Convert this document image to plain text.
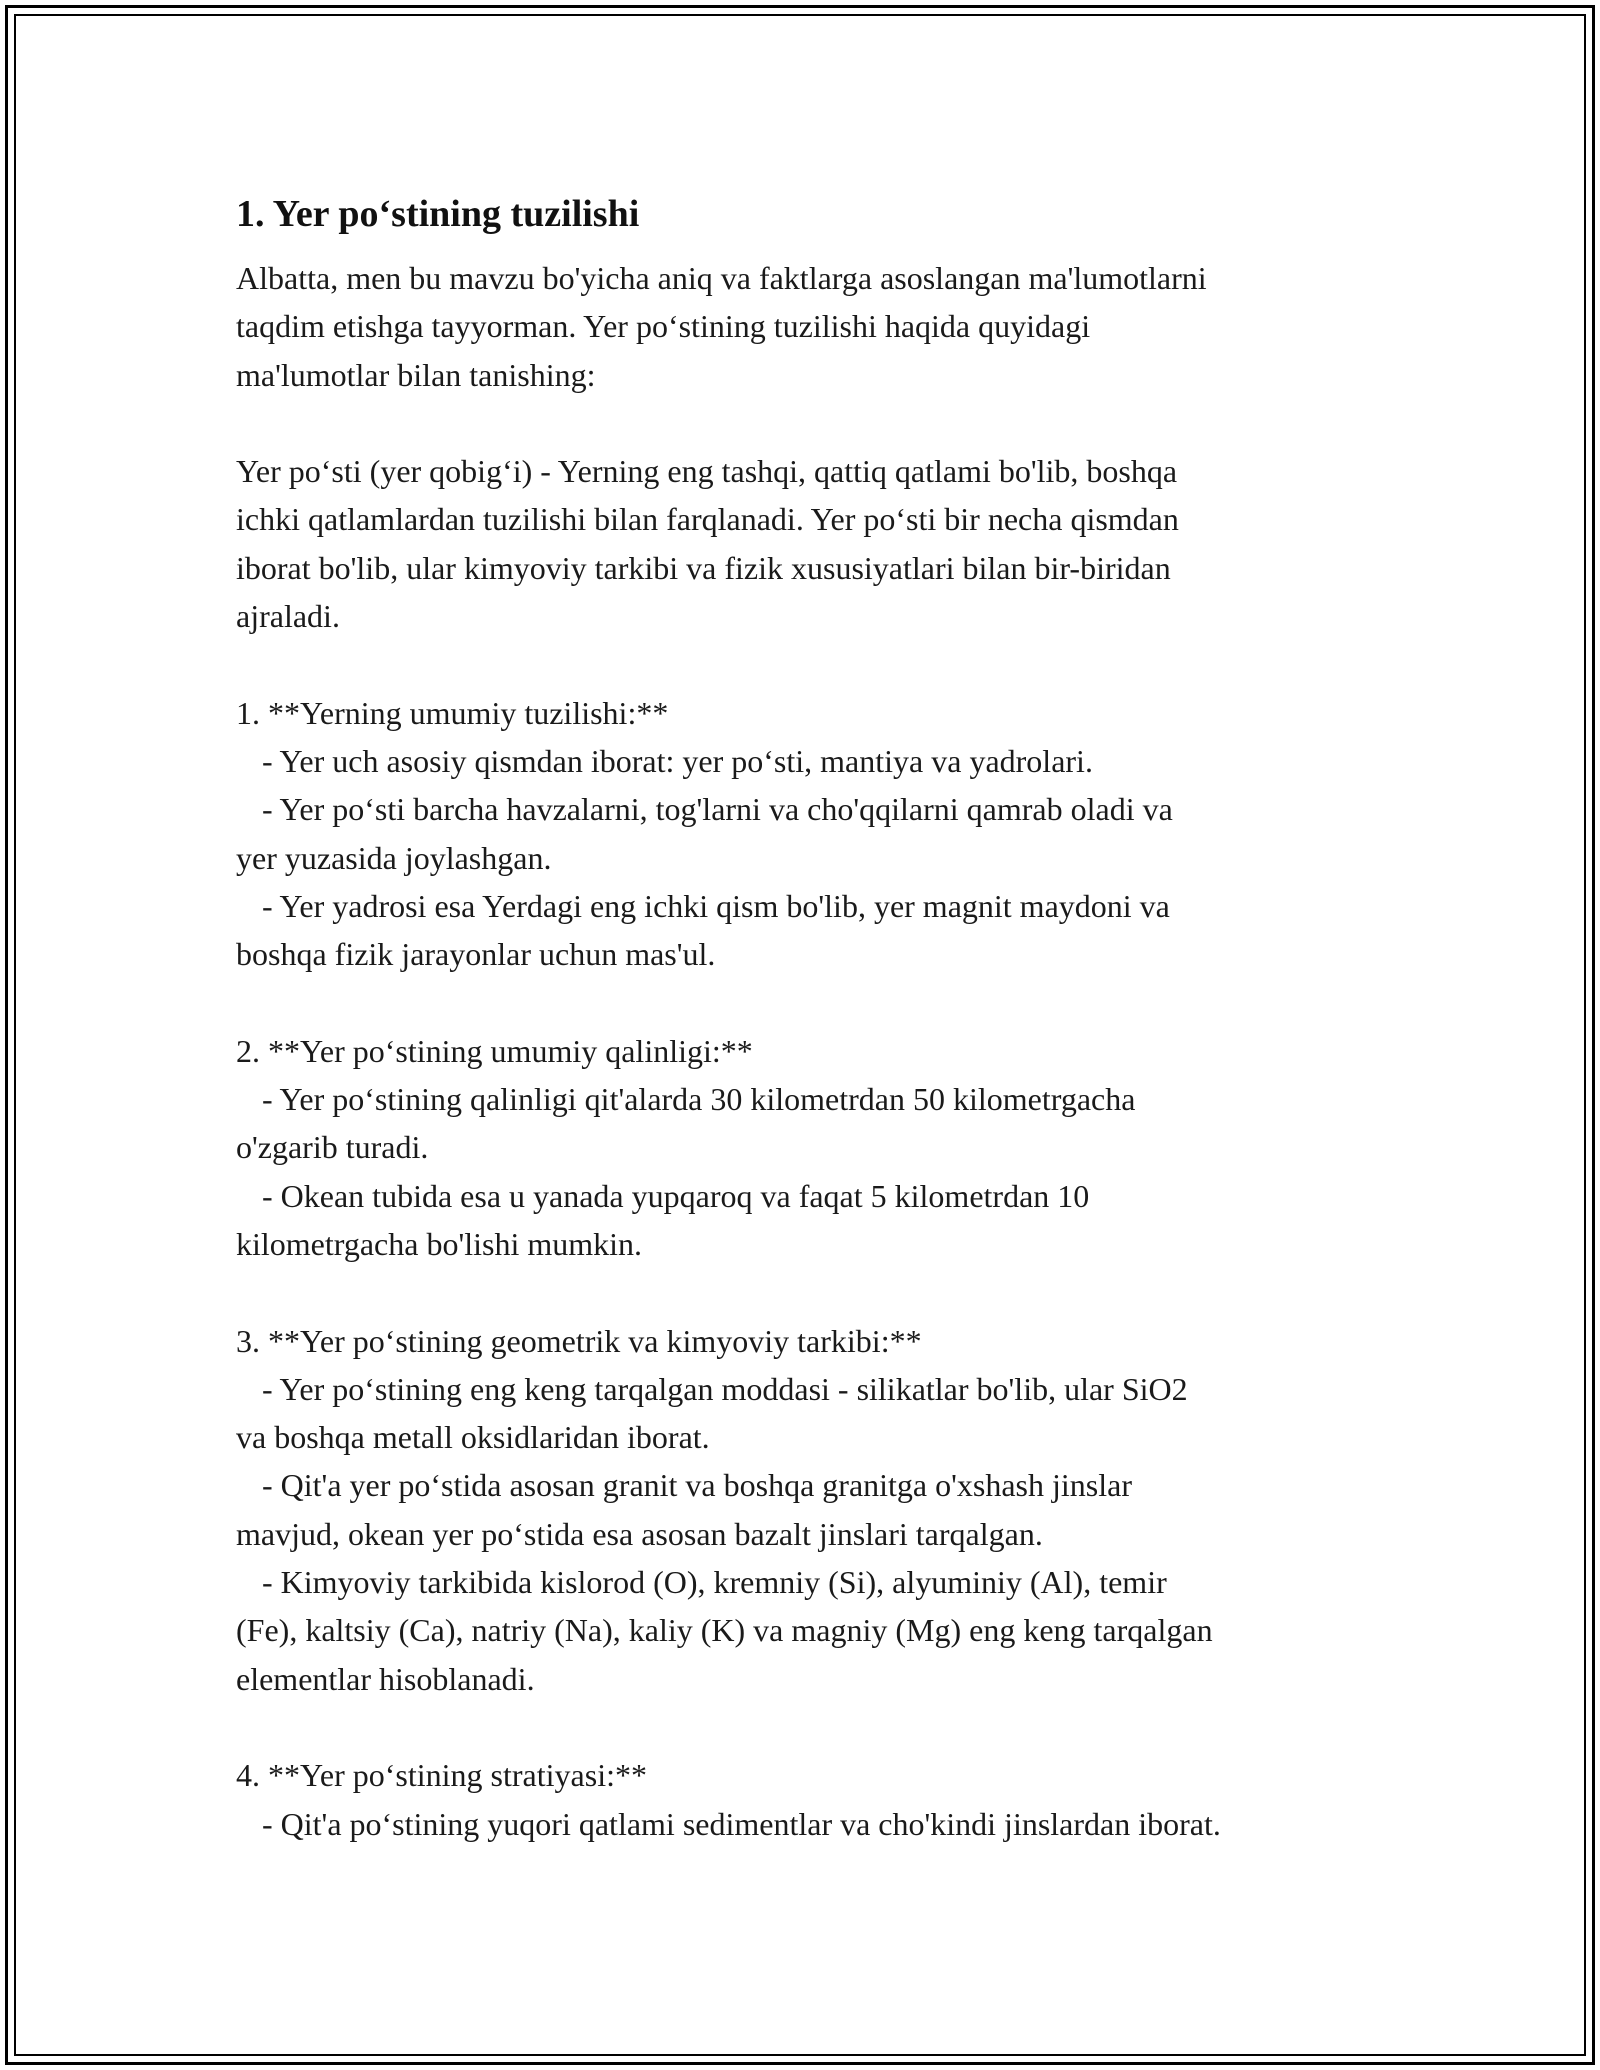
1. Yer po‘stining tuzilishi

Albatta, men bu mavzu bo'yicha aniq va faktlarga asoslangan ma'lumotlarni

taqdim etishga tayyorman. Yer po‘stining tuzilishi haqida quyidagi

ma'lumotlar bilan tanishing:

Yer po‘sti (yer qobig‘i) - Yerning eng tashqi, qattiq qatlami bo'lib, boshqa

ichki qatlamlardan tuzilishi bilan farqlanadi. Yer po‘sti bir necha qismdan

iborat bo'lib, ular kimyoviy tarkibi va fizik xususiyatlari bilan bir-biridan

ajraladi.

1. **Yerning umumiy tuzilishi:**

- Yer uch asosiy qismdan iborat: yer po‘sti, mantiya va yadrolari.

- Yer po‘sti barcha havzalarni, tog'larni va cho'qqilarni qamrab oladi va

yer yuzasida joylashgan.

- Yer yadrosi esa Yerdagi eng ichki qism bo'lib, yer magnit maydoni va

boshqa fizik jarayonlar uchun mas'ul.

2. **Yer po‘stining umumiy qalinligi:**

- Yer po‘stining qalinligi qit'alarda 30 kilometrdan 50 kilometrgacha

o'zgarib turadi.

- Okean tubida esa u yanada yupqaroq va faqat 5 kilometrdan 10

kilometrgacha bo'lishi mumkin.

3. **Yer po‘stining geometrik va kimyoviy tarkibi:**

- Yer po‘stining eng keng tarqalgan moddasi - silikatlar bo'lib, ular SiO2

va boshqa metall oksidlaridan iborat.

- Qit'a yer po‘stida asosan granit va boshqa granitga o'xshash jinslar

mavjud, okean yer po‘stida esa asosan bazalt jinslari tarqalgan.

- Kimyoviy tarkibida kislorod (O), kremniy (Si), alyuminiy (Al), temir

(Fe), kaltsiy (Ca), natriy (Na), kaliy (K) va magniy (Mg) eng keng tarqalgan

elementlar hisoblanadi.

4. **Yer po‘stining stratiyasi:**

- Qit'a po‘stining yuqori qatlami sedimentlar va cho'kindi jinslardan iborat.
